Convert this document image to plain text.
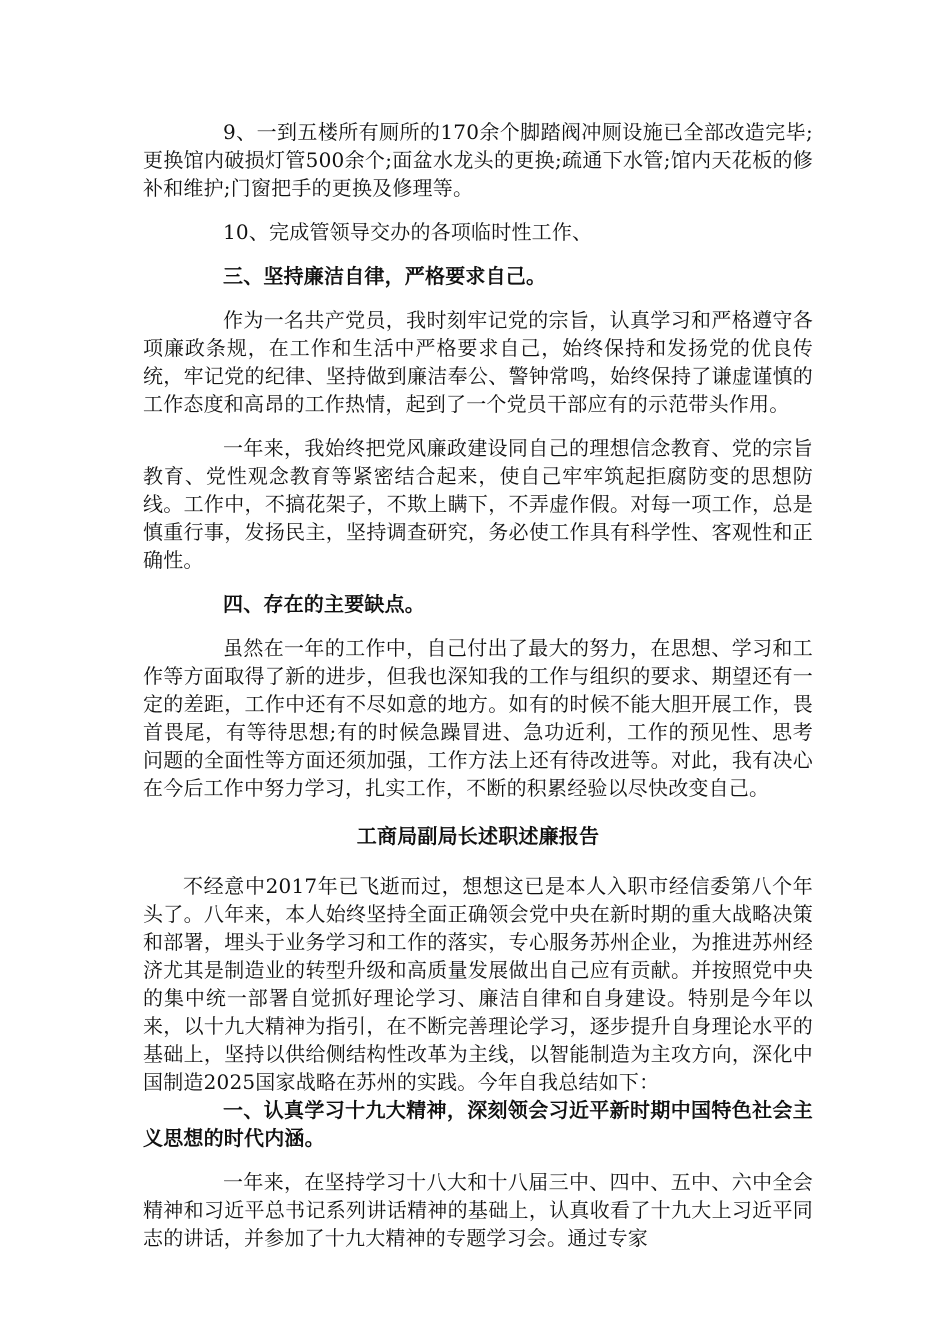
9、一到五楼所有厕所的170余个脚踏阀冲厕设施已全部改造完毕;更换馆内破损灯管500余个;面盆水龙头的更换;疏通下水管;馆内天花板的修补和维护;门窗把手的更换及修理等。

10、完成管领导交办的各项临时性工作、

三、坚持廉洁自律，严格要求自己。

作为一名共产党员，我时刻牢记党的宗旨，认真学习和严格遵守各项廉政条规，在工作和生活中严格要求自己，始终保持和发扬党的优良传统，牢记党的纪律、坚持做到廉洁奉公、警钟常鸣，始终保持了谦虚谨慎的工作态度和高昂的工作热情，起到了一个党员干部应有的示范带头作用。

一年来，我始终把党风廉政建设同自己的理想信念教育、党的宗旨教育、党性观念教育等紧密结合起来，使自己牢牢筑起拒腐防变的思想防线。工作中，不搞花架子，不欺上瞒下，不弄虚作假。对每一项工作，总是慎重行事，发扬民主，坚持调查研究，务必使工作具有科学性、客观性和正确性。

四、存在的主要缺点。

虽然在一年的工作中，自己付出了最大的努力，在思想、学习和工作等方面取得了新的进步，但我也深知我的工作与组织的要求、期望还有一定的差距，工作中还有不尽如意的地方。如有的时候不能大胆开展工作，畏首畏尾，有等待思想;有的时候急躁冒进、急功近利，工作的预见性、思考问题的全面性等方面还须加强，工作方法上还有待改进等。对此，我有决心在今后工作中努力学习，扎实工作，不断的积累经验以尽快改变自己。

工商局副局长述职述廉报告

不经意中2017年已飞逝而过，想想这已是本人入职市经信委第八个年头了。八年来，本人始终坚持全面正确领会党中央在新时期的重大战略决策和部署，埋头于业务学习和工作的落实，专心服务苏州企业，为推进苏州经济尤其是制造业的转型升级和高质量发展做出自己应有贡献。并按照党中央的集中统一部署自觉抓好理论学习、廉洁自律和自身建设。特别是今年以来，以十九大精神为指引，在不断完善理论学习，逐步提升自身理论水平的基础上，坚持以供给侧结构性改革为主线，以智能制造为主攻方向，深化中国制造2025国家战略在苏州的实践。今年自我总结如下：

一、认真学习十九大精神，深刻领会习近平新时期中国特色社会主义思想的时代内涵。

一年来，在坚持学习十八大和十八届三中、四中、五中、六中全会精神和习近平总书记系列讲话精神的基础上，认真收看了十九大上习近平同志的讲话，并参加了十九大精神的专题学习会。通过专家
